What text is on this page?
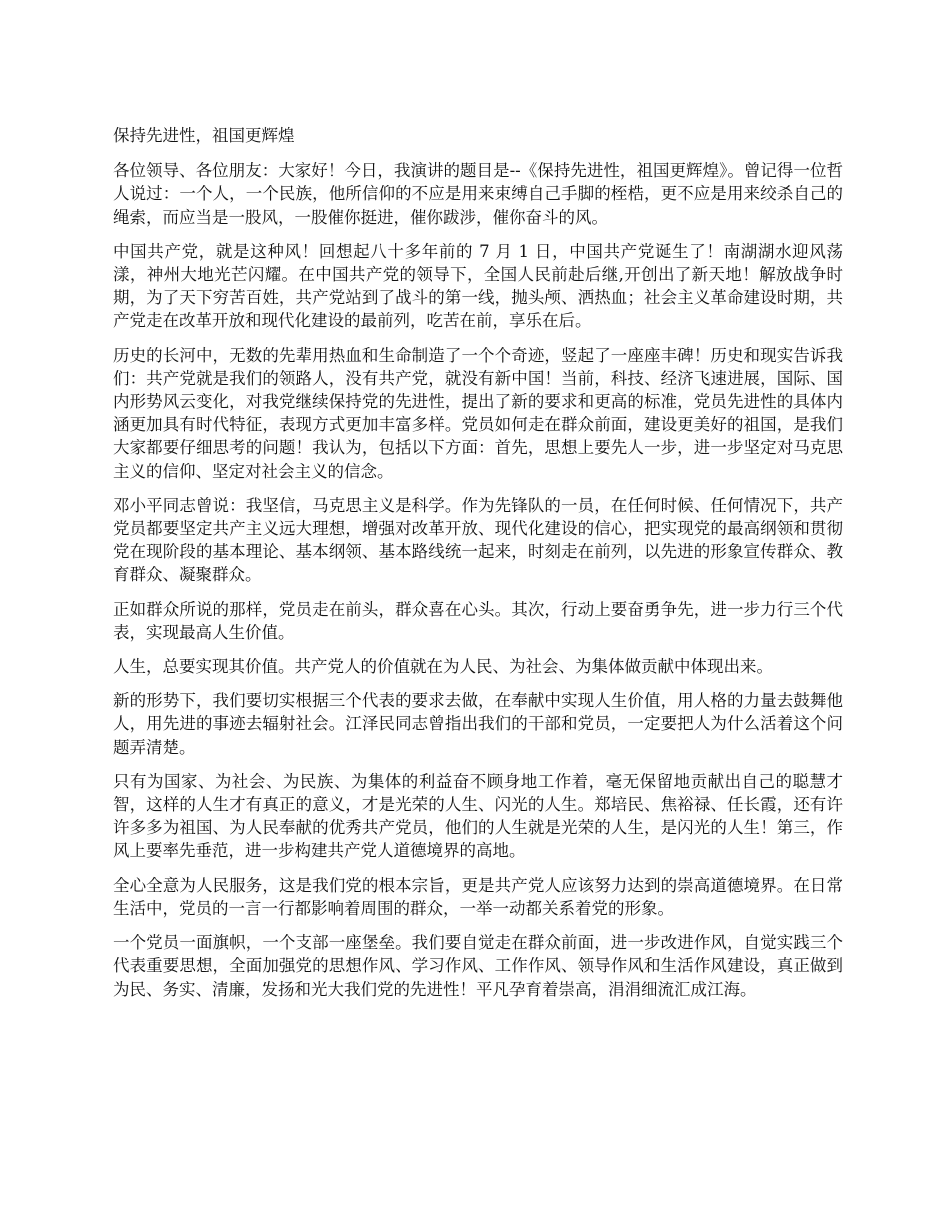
保持先进性，祖国更辉煌

各位领导、各位朋友：大家好！今日，我演讲的题目是--《保持先进性，祖国更辉煌》。曾记得一位哲人说过：一个人，一个民族，他所信仰的不应是用来束缚自己手脚的桎梏，更不应是用来绞杀自己的绳索，而应当是一股风，一股催你挺进，催你跋涉，催你奋斗的风。

中国共产党，就是这种风！回想起八十多年前的 7 月 1 日，中国共产党诞生了！南湖湖水迎风荡漾，神州大地光芒闪耀。在中国共产党的领导下，全国人民前赴后继,开创出了新天地！解放战争时期，为了天下穷苦百姓，共产党站到了战斗的第一线，抛头颅、洒热血；社会主义革命建设时期，共产党走在改革开放和现代化建设的最前列，吃苦在前，享乐在后。

历史的长河中，无数的先辈用热血和生命制造了一个个奇迹，竖起了一座座丰碑！历史和现实告诉我们：共产党就是我们的领路人，没有共产党，就没有新中国！当前，科技、经济飞速进展，国际、国内形势风云变化，对我党继续保持党的先进性，提出了新的要求和更高的标准，党员先进性的具体内涵更加具有时代特征，表现方式更加丰富多样。党员如何走在群众前面，建设更美好的祖国，是我们大家都要仔细思考的问题！我认为，包括以下方面：首先，思想上要先人一步，进一步坚定对马克思主义的信仰、坚定对社会主义的信念。

邓小平同志曾说：我坚信，马克思主义是科学。作为先锋队的一员，在任何时候、任何情况下，共产党员都要坚定共产主义远大理想，增强对改革开放、现代化建设的信心，把实现党的最高纲领和贯彻党在现阶段的基本理论、基本纲领、基本路线统一起来，时刻走在前列，以先进的形象宣传群众、教育群众、凝聚群众。

正如群众所说的那样，党员走在前头，群众喜在心头。其次，行动上要奋勇争先，进一步力行三个代表，实现最高人生价值。

人生，总要实现其价值。共产党人的价值就在为人民、为社会、为集体做贡献中体现出来。

新的形势下，我们要切实根据三个代表的要求去做，在奉献中实现人生价值，用人格的力量去鼓舞他人，用先进的事迹去辐射社会。江泽民同志曾指出我们的干部和党员，一定要把人为什么活着这个问题弄清楚。

只有为国家、为社会、为民族、为集体的利益奋不顾身地工作着，毫无保留地贡献出自己的聪慧才智，这样的人生才有真正的意义，才是光荣的人生、闪光的人生。郑培民、焦裕禄、任长霞，还有许许多多为祖国、为人民奉献的优秀共产党员，他们的人生就是光荣的人生，是闪光的人生！第三，作风上要率先垂范，进一步构建共产党人道德境界的高地。

全心全意为人民服务，这是我们党的根本宗旨，更是共产党人应该努力达到的崇高道德境界。在日常生活中，党员的一言一行都影响着周围的群众，一举一动都关系着党的形象。

一个党员一面旗帜，一个支部一座堡垒。我们要自觉走在群众前面，进一步改进作风，自觉实践三个代表重要思想，全面加强党的思想作风、学习作风、工作作风、领导作风和生活作风建设，真正做到为民、务实、清廉，发扬和光大我们党的先进性！平凡孕育着崇高，涓涓细流汇成江海。
